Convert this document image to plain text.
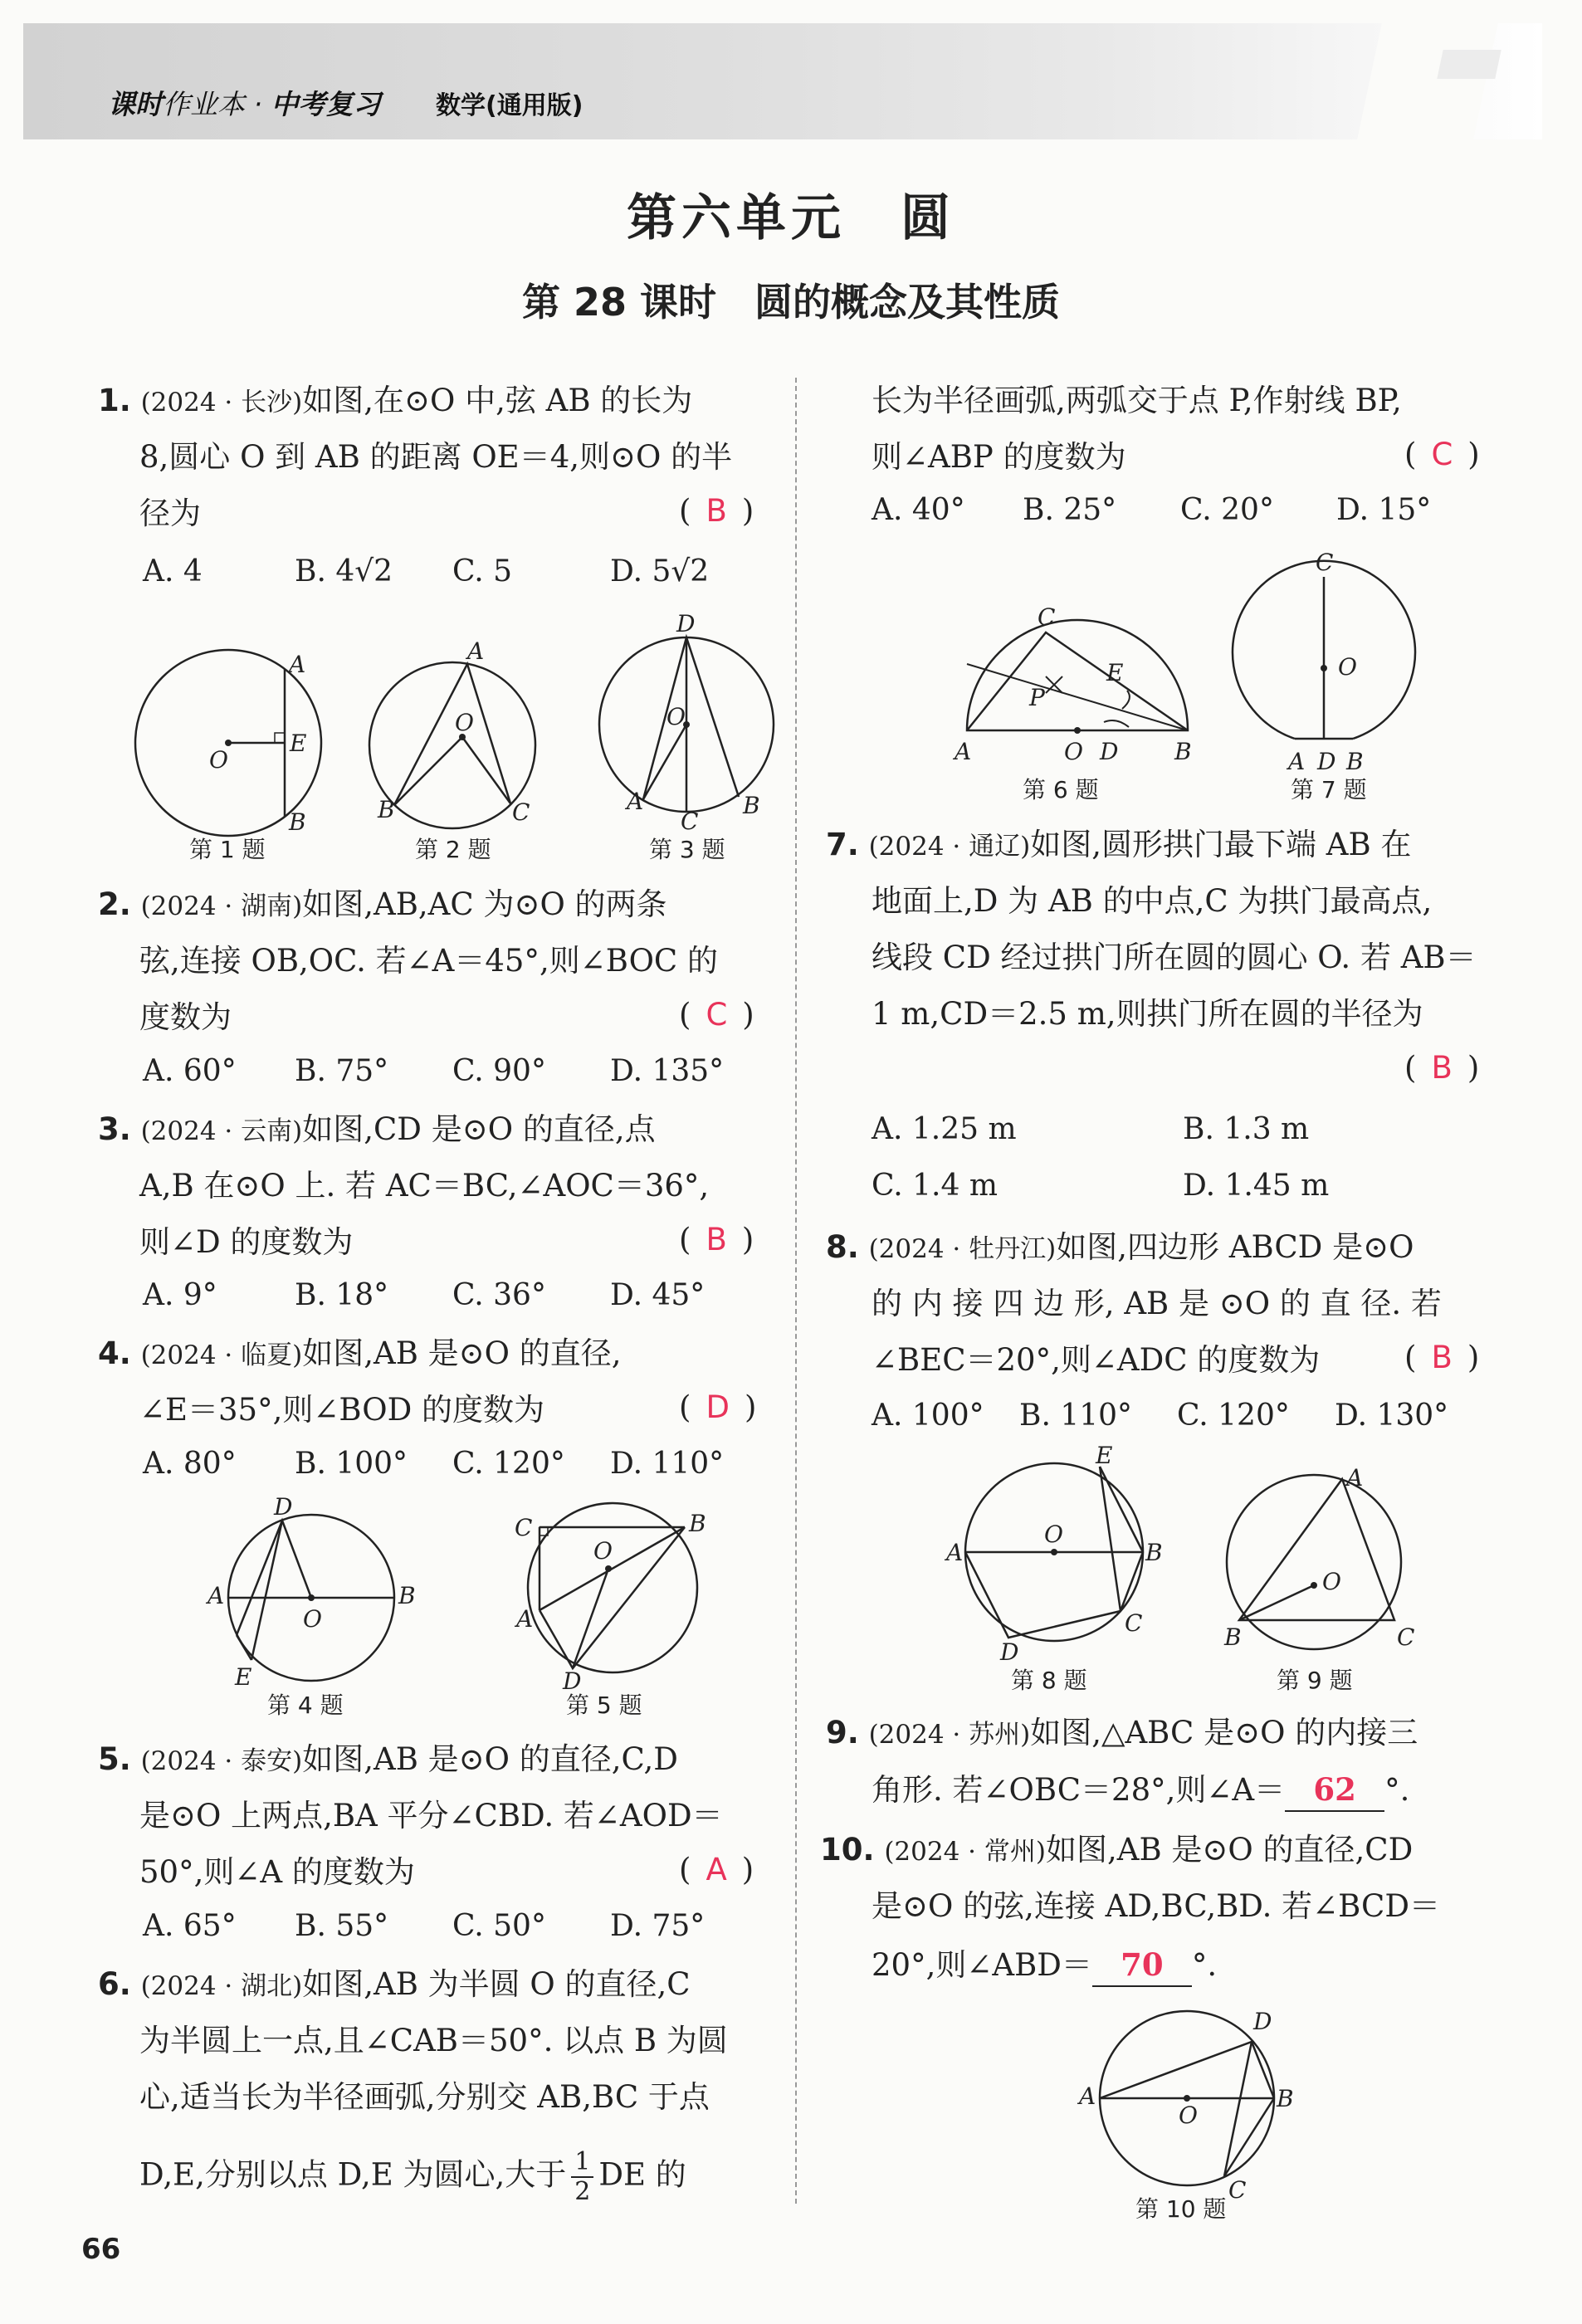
课时作业本 · 中考复习 数学(通用版)
第六单元　圆
第 28 课时　圆的概念及其性质
1. (2024 · 长沙)如图,在⊙O 中,弦 AB 的长为
8,圆心 O 到 AB 的距离 OE＝4,则⊙O 的半
径为	( B )
A. 4	B. 4√2 C. 5	D. 5√2
A
E
B
O
第 1 题
A
O
B	C
第 2 题
D
O
A
C
B
第 3 题
2. (2024 · 湖南)如图,AB,AC 为⊙O 的两条
弦,连接 OB,OC. 若∠A＝45°,则∠BOC 的
度数为	( C )
A. 60° B. 75° C. 90° D. 135°
3. (2024 · 云南)如图,CD 是⊙O 的直径,点
A,B 在⊙O 上. 若 AC＝BC,∠AOC＝36°,
则∠D 的度数为	( B )
A. 9°	B. 18° C. 36° D. 45°
4. (2024 · 临夏)如图,AB 是⊙O 的直径,
∠E＝35°,则∠BOD 的度数为	( D )
A. 80° B. 100° C. 120° D. 110°
D
A	B
O
E
第 4 题
C	B
O
A
D
第 5 题
5. (2024 · 泰安)如图,AB 是⊙O 的直径,C,D
是⊙O 上两点,BA 平分∠CBD. 若∠AOD＝
50°,则∠A 的度数为	( A )
A. 65° B. 55° C. 50° D. 75°
6. (2024 · 湖北)如图,AB 为半圆 O 的直径,C
为半圆上一点,且∠CAB＝50°. 以点 B 为圆
心,适当长为半径画弧,分别交 AB,BC 于点
D,E,分别以点 D,E 为圆心,大于 $\frac{1}{2}$ DE 的
长为半径画弧,两弧交于点 P,作射线 BP,
则∠ABP 的度数为	( C )
A. 40° B. 25° C. 20° D. 15°
C
P
E
A	O D B
第 6 题
C
O
A D B
第 7 题
7. (2024 · 通辽)如图,圆形拱门最下端 AB 在
地面上,D 为 AB 的中点,C 为拱门最高点,
线段 CD 经过拱门所在圆的圆心 O. 若 AB＝
1 m,CD＝2.5 m,则拱门所在圆的半径为
( B )
A. 1.25 m	B. 1.3 m
C. 1.4 m	D. 1.45 m
8. (2024 · 牡丹江)如图,四边形 ABCD 是⊙O
的 内 接 四 边 形, AB 是 ⊙O 的 直 径. 若
∠BEC＝20°,则∠ADC 的度数为	( B )
A. 100° B. 110° C. 120° D. 130°
E
A
O
B
C
D
第 8 题
A
O
B	C
第 9 题
9. (2024 · 苏州)如图,△ABC 是⊙O 的内接三
角形. 若∠OBC＝28°,则∠A＝ 62 °.
10. (2024 · 常州)如图,AB 是⊙O 的直径,CD
是⊙O 的弦,连接 AD,BC,BD. 若∠BCD＝
20°,则∠ABD＝ 70 °.
D
A
O
B
C
第 10 题
66
